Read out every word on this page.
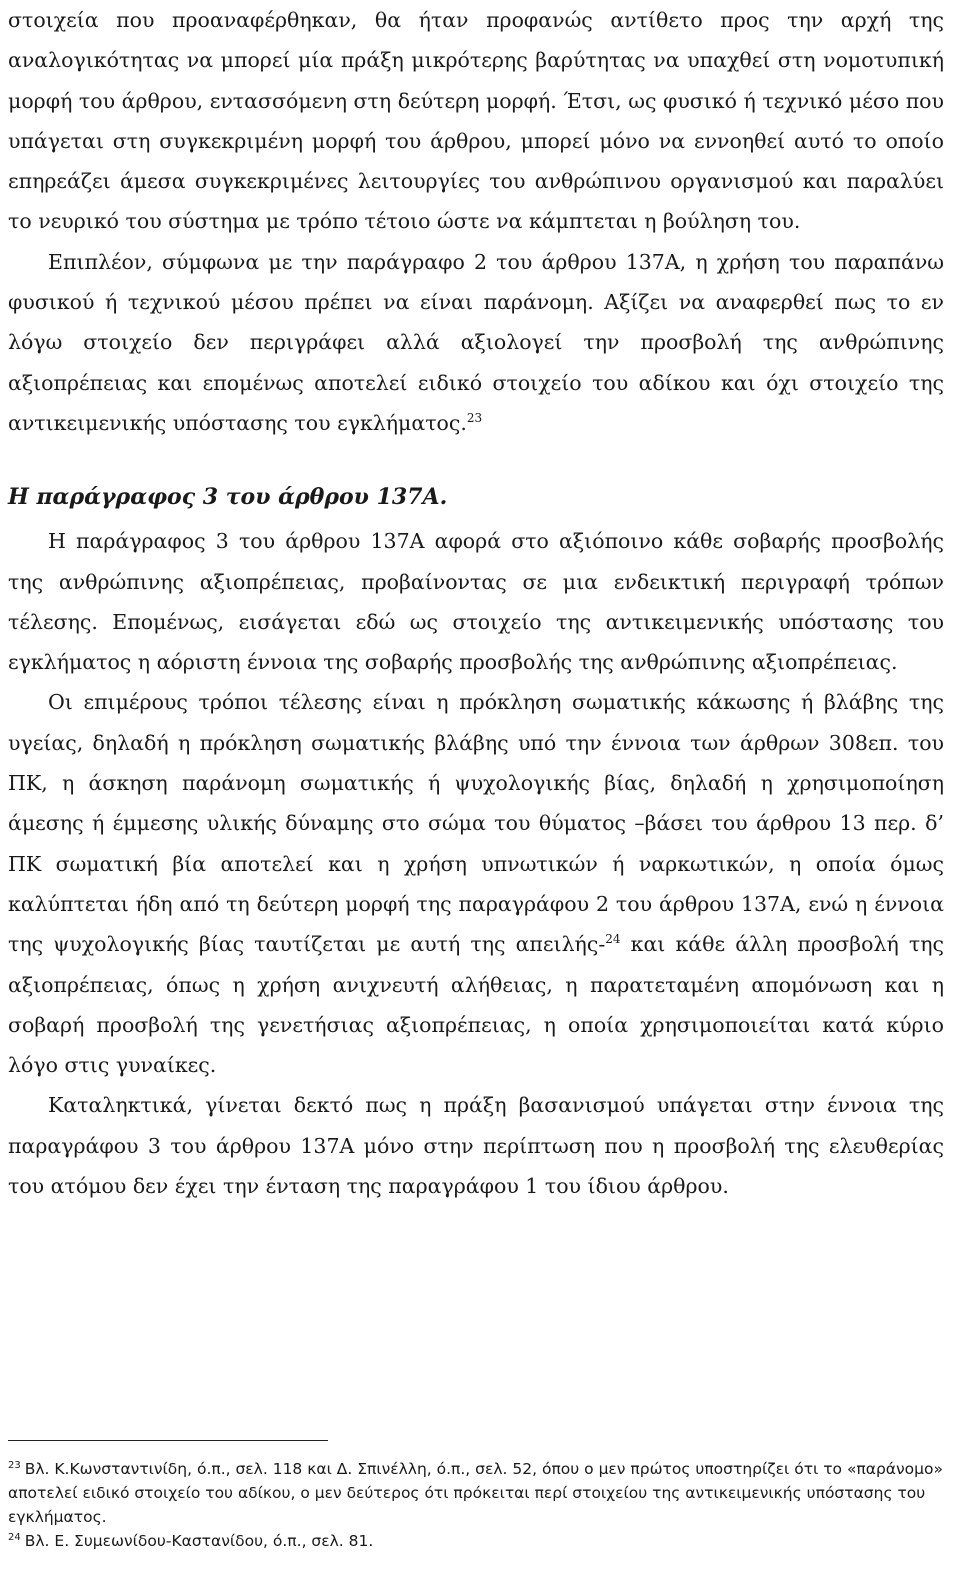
στοιχεία που προαναφέρθηκαν, θα ήταν προφανώς αντίθετο προς την αρχή της αναλογικότητας να μπορεί μία πράξη μικρότερης βαρύτητας να υπαχθεί στη νομοτυπική μορφή του άρθρου, εντασσόμενη στη δεύτερη μορφή. Έτσι, ως φυσικό ή τεχνικό μέσο που υπάγεται στη συγκεκριμένη μορφή του άρθρου, μπορεί μόνο να εννοηθεί αυτό το οποίο επηρεάζει άμεσα συγκεκριμένες λειτουργίες του ανθρώπινου οργανισμού και παραλύει το νευρικό του σύστημα με τρόπο τέτοιο ώστε να κάμπτεται η βούληση του.

Επιπλέον, σύμφωνα με την παράγραφο 2 του άρθρου 137Α, η χρήση του παραπάνω φυσικού ή τεχνικού μέσου πρέπει να είναι παράνομη. Αξίζει να αναφερθεί πως το εν λόγω στοιχείο δεν περιγράφει αλλά αξιολογεί την προσβολή της ανθρώπινης αξιοπρέπειας και επομένως αποτελεί ειδικό στοιχείο του αδίκου και όχι στοιχείο της αντικειμενικής υπόστασης του εγκλήματος.$^{23}$

Η παράγραφος 3 του άρθρου 137Α.

Η παράγραφος 3 του άρθρου 137Α αφορά στο αξιόποινο κάθε σοβαρής προσβολής της ανθρώπινης αξιοπρέπειας, προβαίνοντας σε μια ενδεικτική περιγραφή τρόπων τέλεσης. Επομένως, εισάγεται εδώ ως στοιχείο της αντικειμενικής υπόστασης του εγκλήματος η αόριστη έννοια της σοβαρής προσβολής της ανθρώπινης αξιοπρέπειας.

Οι επιμέρους τρόποι τέλεσης είναι η πρόκληση σωματικής κάκωσης ή βλάβης της υγείας, δηλαδή η πρόκληση σωματικής βλάβης υπό την έννοια των άρθρων 308επ. του ΠΚ, η άσκηση παράνομη σωματικής ή ψυχολογικής βίας, δηλαδή η χρησιμοποίηση άμεσης ή έμμεσης υλικής δύναμης στο σώμα του θύματος –βάσει του άρθρου 13 περ. δ’ ΠΚ σωματική βία αποτελεί και η χρήση υπνωτικών ή ναρκωτικών, η οποία όμως καλύπτεται ήδη από τη δεύτερη μορφή της παραγράφου 2 του άρθρου 137Α, ενώ η έννοια της ψυχολογικής βίας ταυτίζεται με αυτή της απειλής-$^{24}$ και κάθε άλλη προσβολή της αξιοπρέπειας, όπως η χρήση ανιχνευτή αλήθειας, η παρατεταμένη απομόνωση και η σοβαρή προσβολή της γενετήσιας αξιοπρέπειας, η οποία χρησιμοποιείται κατά κύριο λόγο στις γυναίκες.

Καταληκτικά, γίνεται δεκτό πως η πράξη βασανισμού υπάγεται στην έννοια της παραγράφου 3 του άρθρου 137Α μόνο στην περίπτωση που η προσβολή της ελευθερίας του ατόμου δεν έχει την ένταση της παραγράφου 1 του ίδιου άρθρου.

$^{23}$ Βλ. Κ.Κωνσταντινίδη, ό.π., σελ. 118 και Δ. Σπινέλλη, ό.π., σελ. 52, όπου ο μεν πρώτος υποστηρίζει ότι το «παράνομο» αποτελεί ειδικό στοιχείο του αδίκου, ο μεν δεύτερος ότι πρόκειται περί στοιχείου της αντικειμενικής υπόστασης του εγκλήματος.

$^{24}$ Βλ. Ε. Συμεωνίδου-Καστανίδου, ό.π., σελ. 81.
